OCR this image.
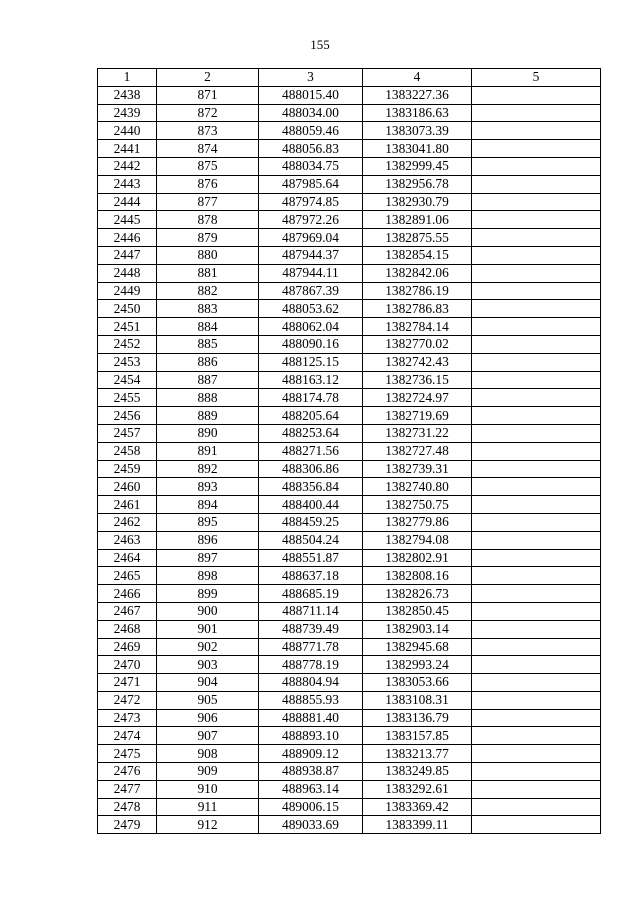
155
1	2	3	4	5
2438	871	488015.40	1383227.36	
2439	872	488034.00	1383186.63	
2440	873	488059.46	1383073.39	
2441	874	488056.83	1383041.80	
2442	875	488034.75	1382999.45	
2443	876	487985.64	1382956.78	
2444	877	487974.85	1382930.79	
2445	878	487972.26	1382891.06	
2446	879	487969.04	1382875.55	
2447	880	487944.37	1382854.15	
2448	881	487944.11	1382842.06	
2449	882	487867.39	1382786.19	
2450	883	488053.62	1382786.83	
2451	884	488062.04	1382784.14	
2452	885	488090.16	1382770.02	
2453	886	488125.15	1382742.43	
2454	887	488163.12	1382736.15	
2455	888	488174.78	1382724.97	
2456	889	488205.64	1382719.69	
2457	890	488253.64	1382731.22	
2458	891	488271.56	1382727.48	
2459	892	488306.86	1382739.31	
2460	893	488356.84	1382740.80	
2461	894	488400.44	1382750.75	
2462	895	488459.25	1382779.86	
2463	896	488504.24	1382794.08	
2464	897	488551.87	1382802.91	
2465	898	488637.18	1382808.16	
2466	899	488685.19	1382826.73	
2467	900	488711.14	1382850.45	
2468	901	488739.49	1382903.14	
2469	902	488771.78	1382945.68	
2470	903	488778.19	1382993.24	
2471	904	488804.94	1383053.66	
2472	905	488855.93	1383108.31	
2473	906	488881.40	1383136.79	
2474	907	488893.10	1383157.85	
2475	908	488909.12	1383213.77	
2476	909	488938.87	1383249.85	
2477	910	488963.14	1383292.61	
2478	911	489006.15	1383369.42	
2479	912	489033.69	1383399.11	
